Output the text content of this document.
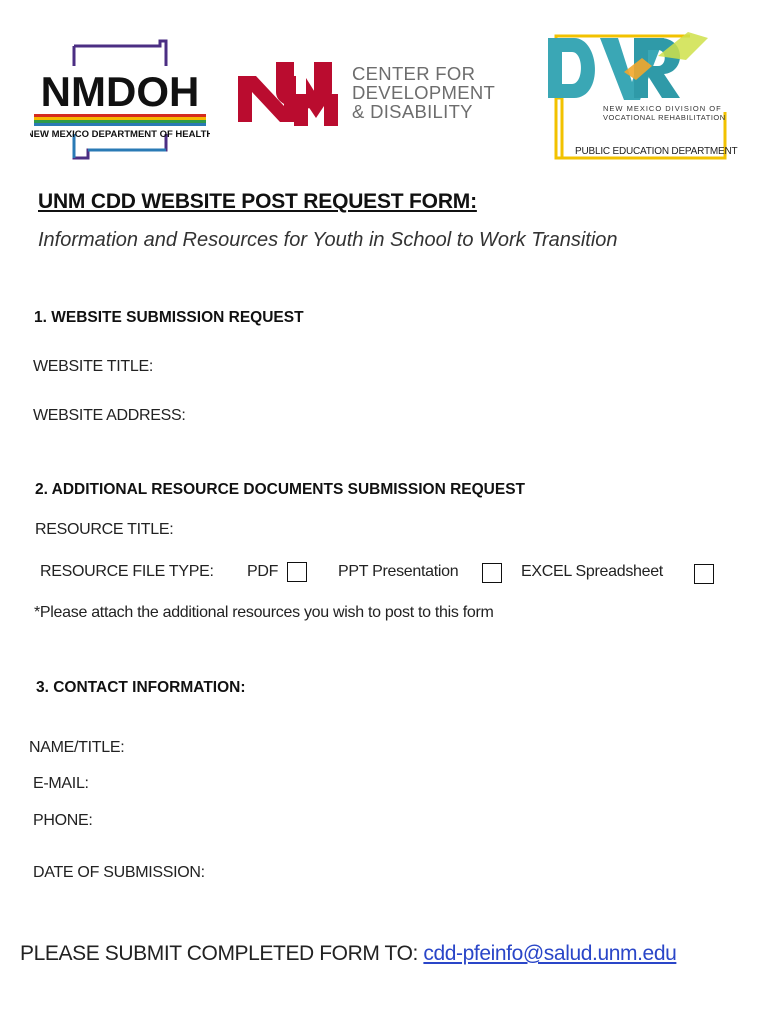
NMDOH
NEW MEXICO DEPARTMENT OF HEALTH
CENTER FOR
DEVELOPMENT
& DISABILITY	NEW MEXICO DIVISION OF
VOCATIONAL REHABILITATION
PUBLIC EDUCATION DEPARTMENT
UNM CDD WEBSITE POST REQUEST FORM:
Information and Resources for Youth in School to Work Transition
1. WEBSITE SUBMISSION REQUEST
WEBSITE TITLE:
WEBSITE ADDRESS:
2. ADDITIONAL RESOURCE DOCUMENTS SUBMISSION REQUEST
RESOURCE TITLE:
RESOURCE FILE TYPE: PDF	PPT Presentation	EXCEL Spreadsheet
*Please attach the additional resources you wish to post to this form
3. CONTACT INFORMATION:
NAME/TITLE:
E-MAIL:
PHONE:
DATE OF SUBMISSION:
PLEASE SUBMIT COMPLETED FORM TO: cdd-pfeinfo@salud.unm.edu
